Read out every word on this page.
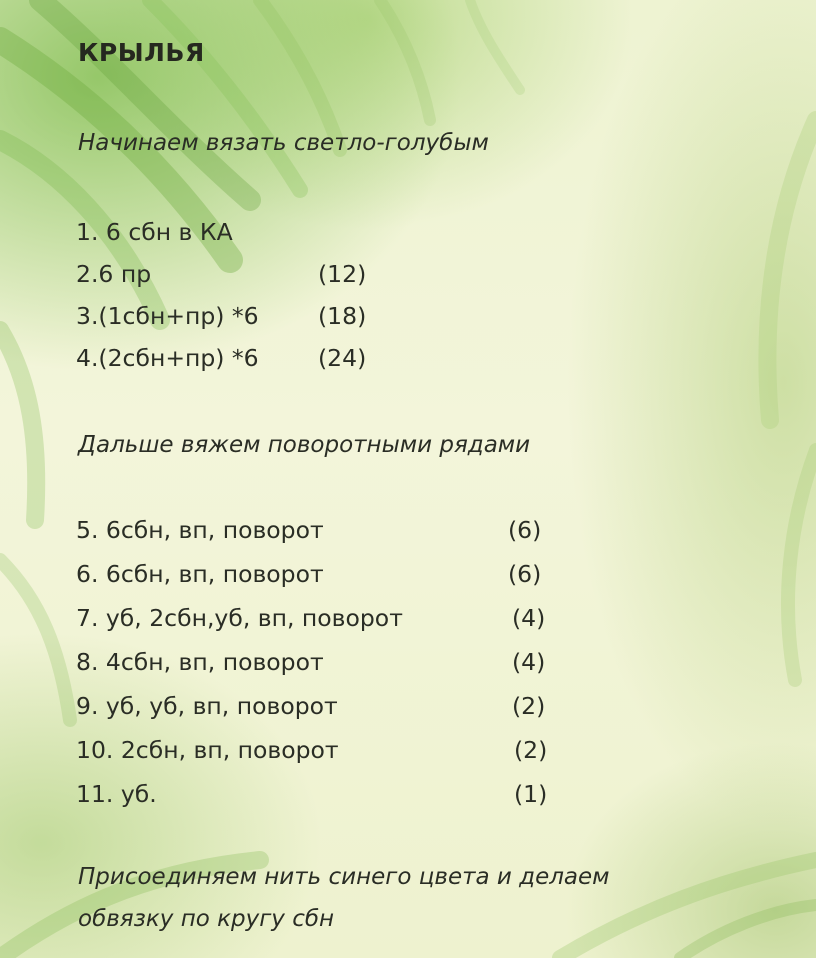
КРЫЛЬЯ
Начинаем вязать светло-голубым
1. 6 сбн в КА
2.6 пр	(12)
3.(1сбн+пр) *6	(18)
4.(2сбн+пр) *6	(24)
Дальше вяжем поворотными рядами
5. 6сбн, вп, поворот	(6)
6. 6сбн, вп, поворот	(6)
7. уб, 2сбн,уб, вп, поворот	(4)
8. 4сбн, вп, поворот	(4)
9. уб, уб, вп, поворот	(2)
10. 2сбн, вп, поворот	(2)
11. уб.	(1)
Присоединяем нить синего цвета и делаем
обвязку по кругу сбн
